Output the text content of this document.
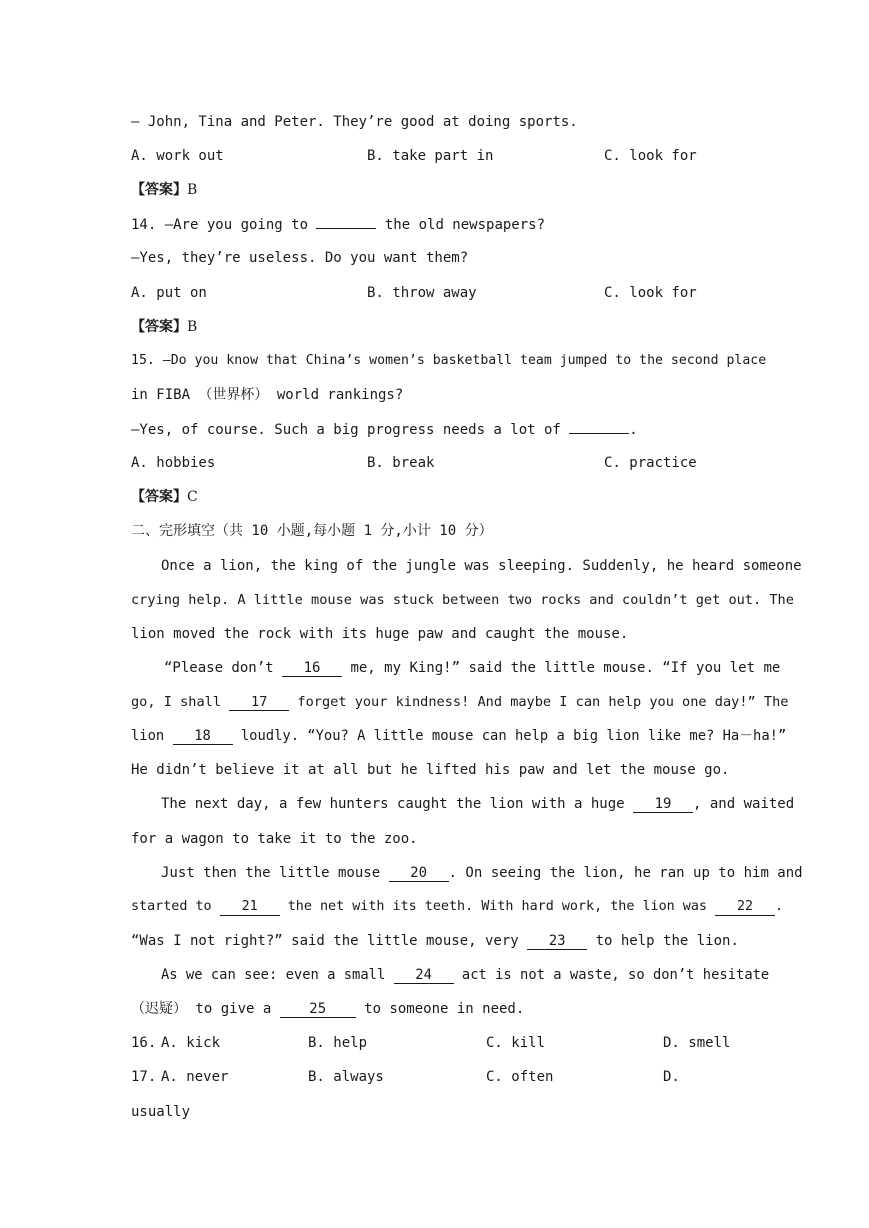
— John, Tina and Peter. They’re good at doing sports.
A. work out	B. take part in	C. look for
【答案】B
14. —Are you going to	the old newspapers?
—Yes, they’re useless. Do you want them?
A. put on	B. throw away	C. look for
【答案】B
15. —Do you know that China’s women’s basketball team jumped to the second place
in FIBA （世界杯） world rankings?
—Yes, of course. Such a big progress needs a lot of	.
A. hobbies	B. break	C. practice
【答案】C
二、完形填空（共 10 小题,每小题 1 分,小计 10 分）
Once a lion, the king of the jungle was sleeping. Suddenly, he heard someone
crying help. A little mouse was stuck between two rocks and couldn’t get out. The
lion moved the rock with its huge paw and caught the mouse.
“Please don’t 16 me, my King!” said the little mouse. “If you let me
go, I shall 17 forget your kindness! And maybe I can help you one day!” The
lion 18 loudly. “You? A little mouse can help a big lion like me? Ha－ha!”
He didn’t believe it at all but he lifted his paw and let the mouse go.
The next day, a few hunters caught the lion with a huge 19 , and waited
for a wagon to take it to the zoo.
Just then the little mouse 20 . On seeing the lion, he ran up to him and
started to 21 the net with its teeth. With hard work, the lion was 22 .
“Was I not right?” said the little mouse, very 23 to help the lion.
As we can see: even a small 24 act is not a waste, so don’t hesitate
（迟疑） to give a 25 to someone in need.
16. A. kick	B. help	C. kill	D. smell
17. A. never	B. always	C. often	D.
usually
